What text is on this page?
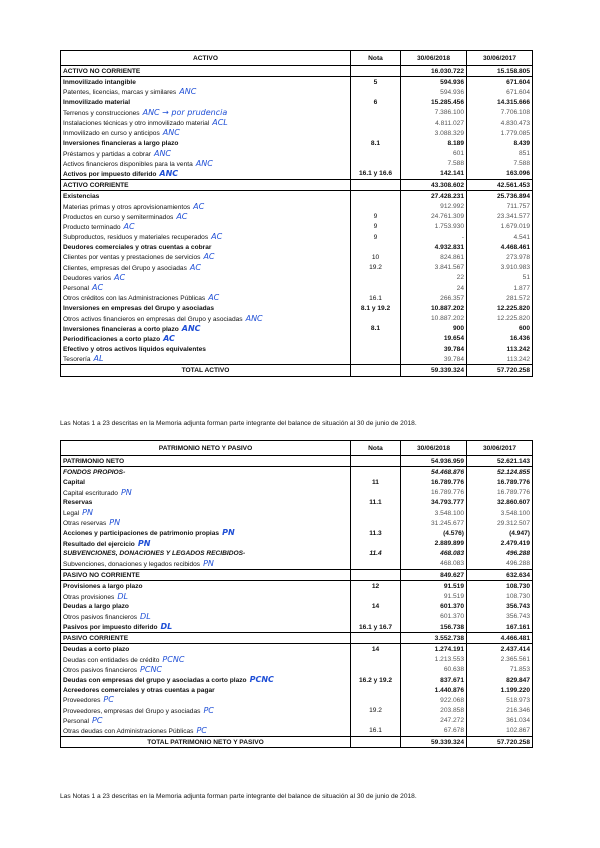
ACTIVO	Nota	30/06/2018	30/06/2017
ACTIVO NO CORRIENTE		16.030.722	15.158.805
Inmovilizado intangible	5	594.936	671.604
Patentes, licencias, marcas y similares ANC		594.936	671.604
Inmovilizado material	6	15.285.456	14.315.666
Terrenos y construcciones ANC → por prudencia		7.386.100	7.706.108
Instalaciones técnicas y otro inmovilizado material ACL		4.811.027	4.830.473
Inmovilizado en curso y anticipos ANC		3.088.329	1.779.085
Inversiones financieras a largo plazo	8.1	8.189	8.439
Préstamos y partidas a cobrar ANC		601	851
Activos financieros disponibles para la venta ANC		7.588	7.588
Activos por impuesto diferido ANC	16.1 y 16.6	142.141	163.096
ACTIVO CORRIENTE		43.308.602	42.561.453
Existencias		27.428.231	25.736.894
Materias primas y otros aprovisionamientos AC		912.992	711.757
Productos en curso y semiterminados AC	9	24.761.309	23.341.577
Producto terminado AC	9	1.753.930	1.679.019
Subproductos, residuos y materiales recuperados AC	9	-	4.541
Deudores comerciales y otras cuentas a cobrar		4.932.831	4.468.461
Clientes por ventas y prestaciones de servicios AC	10	824.861	273.978
Clientes, empresas del Grupo y asociadas AC	19.2	3.841.567	3.910.983
Deudores varios AC		22	51
Personal AC		24	1.877
Otros créditos con las Administraciones Públicas AC	16.1	266.357	281.572
Inversiones en empresas del Grupo y asociadas	8.1 y 19.2	10.887.202	12.225.820
Otros activos financieros en empresas del Grupo y asociadas ANC		10.887.202	12.225.820
Inversiones financieras a corto plazo ANC	8.1	900	600
Periodificaciones a corto plazo AC		19.654	16.436
Efectivo y otros activos líquidos equivalentes		39.784	113.242
Tesorería AL		39.784	113.242
TOTAL ACTIVO		59.339.324	57.720.258
Las Notas 1 a 23 descritas en la Memoria adjunta forman parte integrante del balance de situación al 30 de junio de 2018.
PATRIMONIO NETO Y PASIVO	Nota	30/06/2018	30/06/2017
PATRIMONIO NETO		54.936.959	52.621.143
FONDOS PROPIOS-		54.468.876	52.124.855
Capital	11	16.789.776	16.789.776
Capital escriturado PN		16.789.776	16.789.776
Reservas	11.1	34.793.777	32.860.607
Legal PN		3.548.100	3.548.100
Otras reservas PN		31.245.677	29.312.507
Acciones y participaciones de patrimonio propias PN	11.3	(4.576)	(4.947)
Resultado del ejercicio PN		2.889.899	2.479.419
SUBVENCIONES, DONACIONES Y LEGADOS RECIBIDOS-	11.4	468.083	496.288
Subvenciones, donaciones y legados recibidos PN		468.083	496.288
PASIVO NO CORRIENTE		849.627	632.634
Provisiones a largo plazo	12	91.519	108.730
Otras provisiones DL		91.519	108.730
Deudas a largo plazo	14	601.370	356.743
Otros pasivos financieros DL		601.370	356.743
Pasivos por impuesto diferido DL	16.1 y 16.7	156.738	167.161
PASIVO CORRIENTE		3.552.738	4.466.481
Deudas a corto plazo	14	1.274.191	2.437.414
Deudas con entidades de crédito PCNC		1.213.553	2.365.561
Otros pasivos financieros PCNC		60.638	71.853
Deudas con empresas del grupo y asociadas a corto plazo PCNC	16.2 y 19.2	837.671	829.847
Acreedores comerciales y otras cuentas a pagar		1.440.876	1.199.220
Proveedores PC		922.068	518.973
Proveedores, empresas del Grupo y asociadas PC	19.2	203.858	216.346
Personal PC		247.272	361.034
Otras deudas con Administraciones Públicas PC	16.1	67.678	102.867
TOTAL PATRIMONIO NETO Y PASIVO		59.339.324	57.720.258
Las Notas 1 a 23 descritas en la Memoria adjunta forman parte integrante del balance de situación al 30 de junio de 2018.
